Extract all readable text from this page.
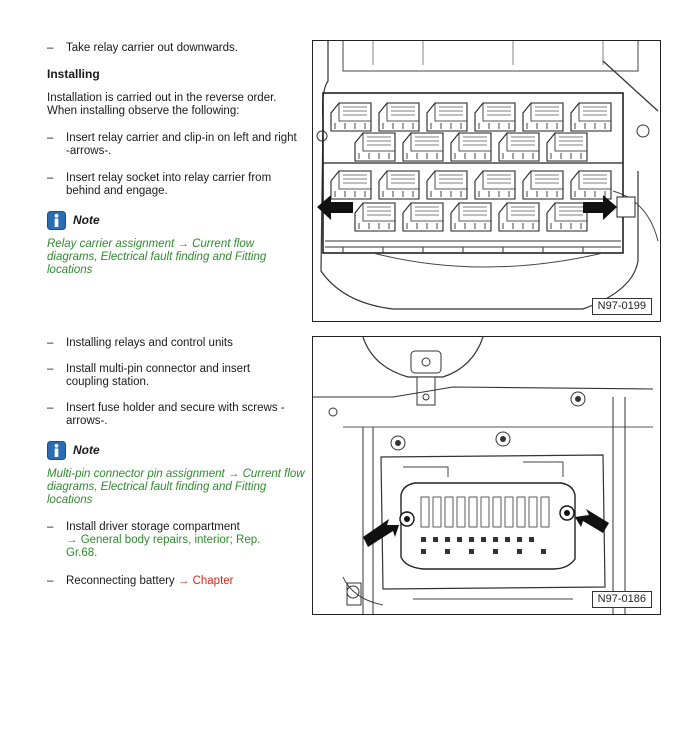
– Take relay carrier out downwards.
Installing
Installation is carried out in the reverse order. When installing observe the following:
– Insert relay carrier and clip-in on left and right -arrows-.
– Insert relay socket into relay carrier from behind and engage.
Note
Relay carrier assignment → Current flow diagrams, Electrical fault finding and Fitting locations
– Installing relays and control units
– Install multi-pin connector and insert coupling station.
– Insert fuse holder and secure with screws -arrows-.
Note
Multi-pin connector pin assignment → Current flow diagrams, Electrical fault finding and Fitting locations
– Install driver storage compartment
→ General body repairs, interior; Rep. Gr.68.
– Reconnecting battery → Chapter
N97-0199
N97-0186
